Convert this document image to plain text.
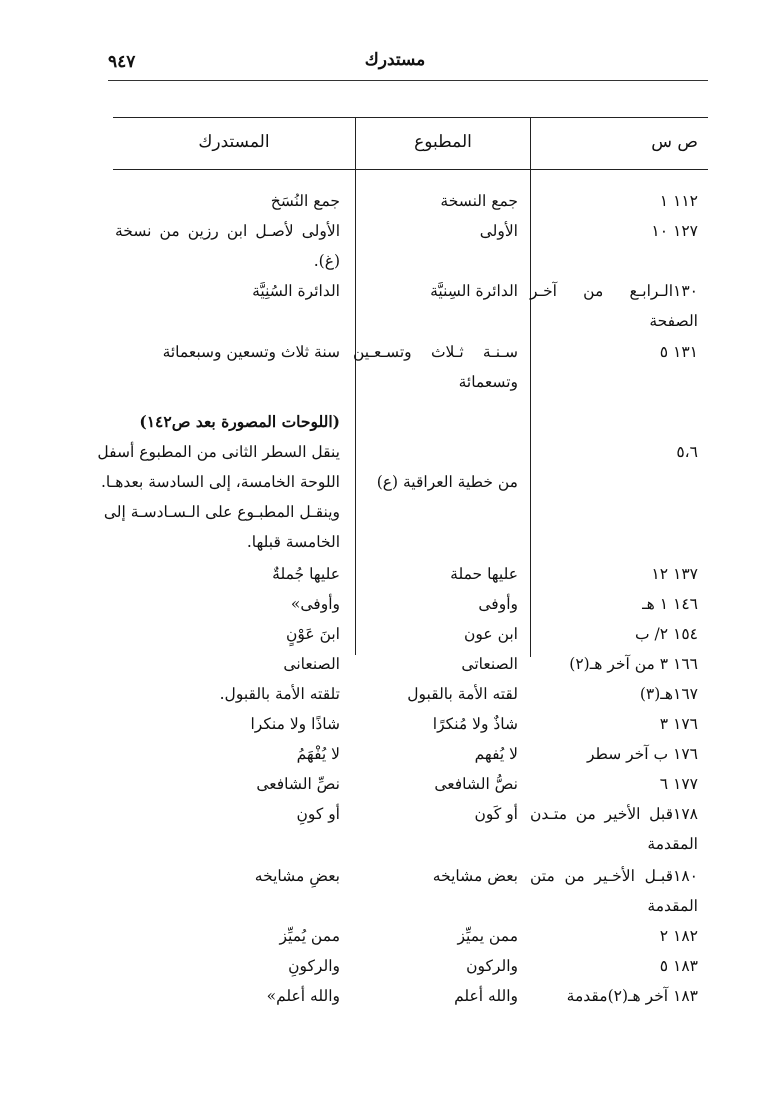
٩٤٧	مستدرك
ص س
المطبوع
المستدرك
١١٢ ١
جمع النسخة
جمع النُسَخ
١٢٧ ١٠
الأولى
الأولى لأصـل ابن رزين من نسخة
(غ).
١٣٠الـرابـع من آخـر
الدائرة السِنيَّة
الدائرة السُنِيَّة
الصفحة
١٣١ ٥
سـنـة ثـلاث وتسـعـين
سنة ثلاث وتسعين وسبعمائة
وتسعمائة
(اللوحات المصورة بعد ص١٤٢)
٥،٦
ينقل السطر الثانى من المطبوع أسفل
من خطية العراقية (ع)
اللوحة الخامسة، إلى السادسة بعدهـا.
وينقـل المطبـوع على الـسـادسـة إلى
الخامسة قبلها.
١٣٧ ١٢
عليها حملة
عليها جُملةٌ
١٤٦ ١ هـ
وأوفى
وأوفى»
١٥٤ ٢/ ب
ابن عون
ابنَ عَوْنٍ
١٦٦ ٣ من آخر هـ(٢)
الصنعاتى
الصنعانى
١٦٧هـ(٣)
لقته الأمة بالقبول
تلقته الأمة بالقبول.
١٧٦ ٣
شاذٌ ولا مُنكرًا
شاذًا ولا منكرا
١٧٦ ب آخر سطر
لا يُفهم
لا يُفْهَمُ
١٧٧ ٦
نصُّ الشافعى
نصِّ الشافعى
١٧٨قبل الأخير من متـدن
أو كَون
أو كونِ
المقدمة
١٨٠قبـل الأخـير من متن
بعض مشايخه
بعضِ مشايخه
المقدمة
١٨٢ ٢
ممن يميِّز
ممن يُميِّز
١٨٣ ٥
والركون
والركونِ
١٨٣ آخر هـ(٢)مقدمة
والله أعلم
والله أعلم»
